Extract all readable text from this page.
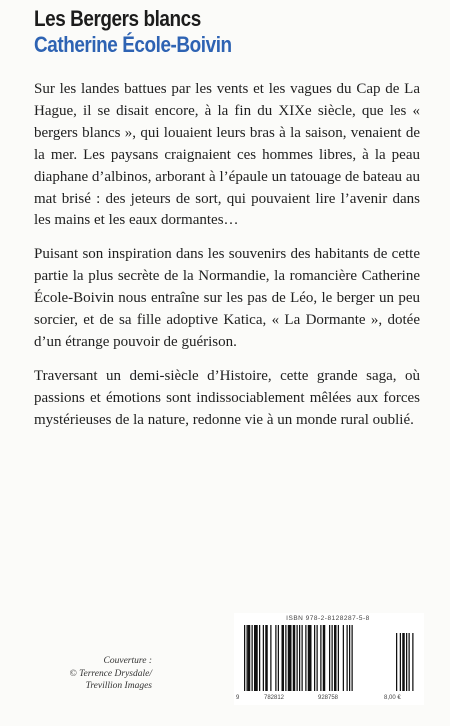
Les Bergers blancs
Catherine École-Boivin

Sur les landes battues par les vents et les vagues du Cap de La Hague, il se disait encore, à la fin du XIXe siècle, que les « bergers blancs », qui louaient leurs bras à la saison, venaient de la mer. Les paysans craignaient ces hommes libres, à la peau diaphane d’albinos, arborant à l’épaule un tatouage de bateau au mat brisé : des jeteurs de sort, qui pouvaient lire l’avenir dans les mains et les eaux dormantes…

Puisant son inspiration dans les souvenirs des habitants de cette partie la plus secrète de la Normandie, la romancière Catherine École-Boivin nous entraîne sur les pas de Léo, le berger un peu sorcier, et de sa fille adoptive Katica, « La Dormante », dotée d’un étrange pouvoir de guérison.

Traversant un demi-siècle d’Histoire, cette grande saga, où passions et émotions sont indissociablement mêlées aux forces mystérieuses de la nature, redonne vie à un monde rural oublié.

Couverture :
© Terrence Drysdale/
Trevillion Images
ISBN 978-2-8128287-5-8
9	782812	928758	8,00 €
